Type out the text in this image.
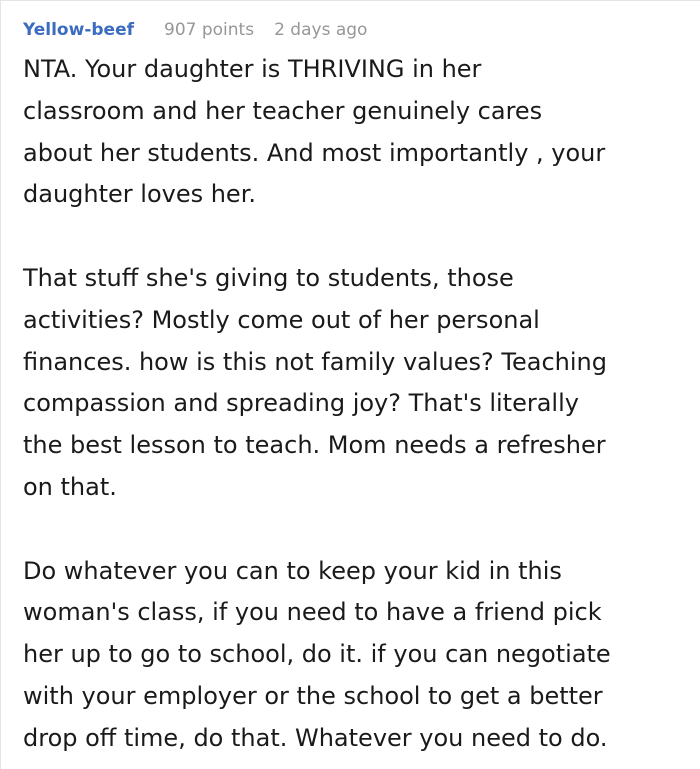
Yellow-beef 907 points 2 days ago

NTA. Your daughter is THRIVING in her
classroom and her teacher genuinely cares
about her students. And most importantly , your
daughter loves her.

That stuff she's giving to students, those
activities? Mostly come out of her personal
finances. how is this not family values? Teaching
compassion and spreading joy? That's literally
the best lesson to teach. Mom needs a refresher
on that.

Do whatever you can to keep your kid in this
woman's class, if you need to have a friend pick
her up to go to school, do it. if you can negotiate
with your employer or the school to get a better
drop off time, do that. Whatever you need to do.
